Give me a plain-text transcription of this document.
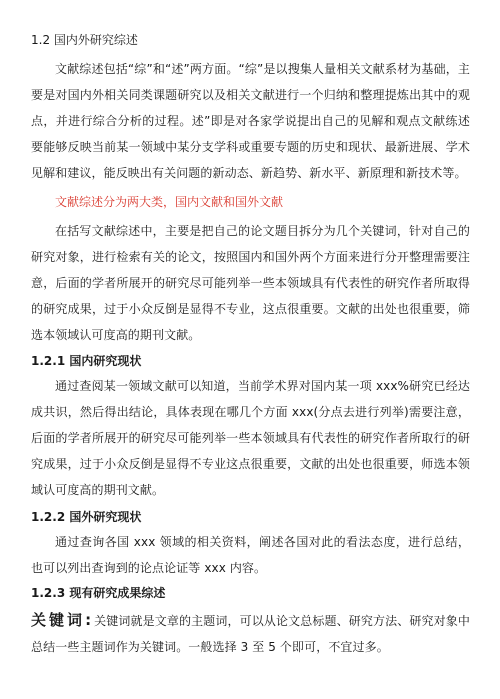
1.2 国内外研究综述

文献综述包括“综”和“述”两方面。“综”是以搜集人量相关文献系材为基础，主要是对国内外相关同类课题研究以及相关文献进行一个归纳和整理提炼出其中的观点，并进行综合分析的过程。述”即是对各家学说提出自己的见解和观点文献练述要能够反映当前某一领域中某分支学科或重要专题的历史和现状、最新进展、学术见解和建议，能反映出有关问题的新动态、新趋势、新水平、新原理和新技术等。

文献综述分为两大类，国内文献和国外文献

在括写文献综述中，主要是把自己的论文题目拆分为几个关键词，针对自己的研究对象，进行检索有关的论文，按照国内和国外两个方面来进行分开整理需要注意，后面的学者所展开的研究尽可能列举一些本领域具有代表性的研究作者所取得的研究成果，过于小众反倒是显得不专业，这点很重要。文献的出处也很重要，筛选本领域认可度高的期刊文献。

1.2.1 国内研究现状

通过查阅某一领域文献可以知道，当前学术界对国内某一项 xxx%研究已经达成共识，然后得出结论，具体表现在哪几个方面 xxx(分点去进行列举)需要注意，后面的学者所展开的研究尽可能列举一些本领域具有代表性的研究作者所取行的研究成果，过于小众反倒是显得不专业这点很重要，文献的出处也很重要，师选本领域认可度高的期刊文献。

1.2.2 国外研究现状

通过查询各国 xxx 领域的相关资料，阐述各国对此的看法态度，进行总结，也可以列出查询到的论点论证等 xxx 内容。

1.2.3 现有研究成果综述

关键词:关键词就是文章的主题词，可以从论文总标题、研究方法、研究对象中总结一些主题词作为关键词。一般选择 3 至 5 个即可，不宜过多。
